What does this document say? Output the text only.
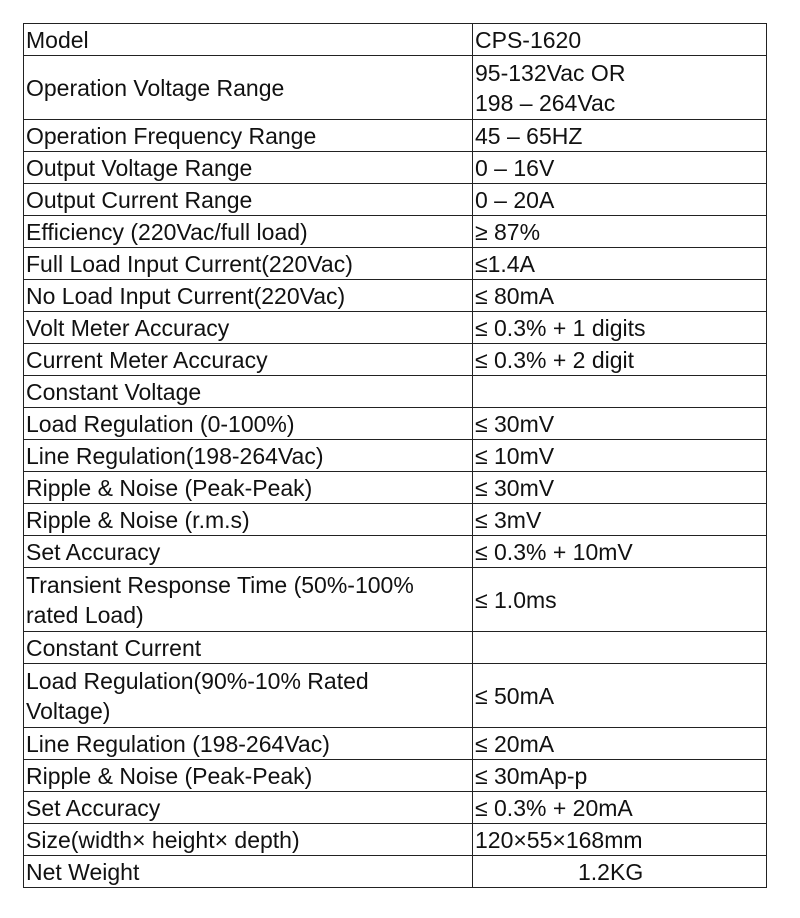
Model	CPS-1620
Operation Voltage Range	95-132Vac OR
198 – 264Vac
Operation Frequency Range	45 – 65HZ
Output Voltage Range	0 – 16V
Output Current Range	0 – 20A
Efficiency (220Vac/full load)	≥ 87%
Full Load Input Current(220Vac)	≤1.4A
No Load Input Current(220Vac)	≤ 80mA
Volt Meter Accuracy	≤ 0.3% + 1 digits
Current Meter Accuracy	≤ 0.3% + 2 digit
Constant Voltage	
Load Regulation (0-100%)	≤ 30mV
Line Regulation(198-264Vac)	≤ 10mV
Ripple & Noise (Peak-Peak)	≤ 30mV
Ripple & Noise (r.m.s)	≤ 3mV
Set Accuracy	≤ 0.3% + 10mV
Transient Response Time (50%-100%
rated Load)	≤ 1.0ms
Constant Current	
Load Regulation(90%-10% Rated
Voltage)	≤ 50mA
Line Regulation (198-264Vac)	≤ 20mA
Ripple & Noise (Peak-Peak)	≤ 30mAp-p
Set Accuracy	≤ 0.3% + 20mA
Size(width× height× depth)	120×55×168mm
Net Weight	1.2KG
